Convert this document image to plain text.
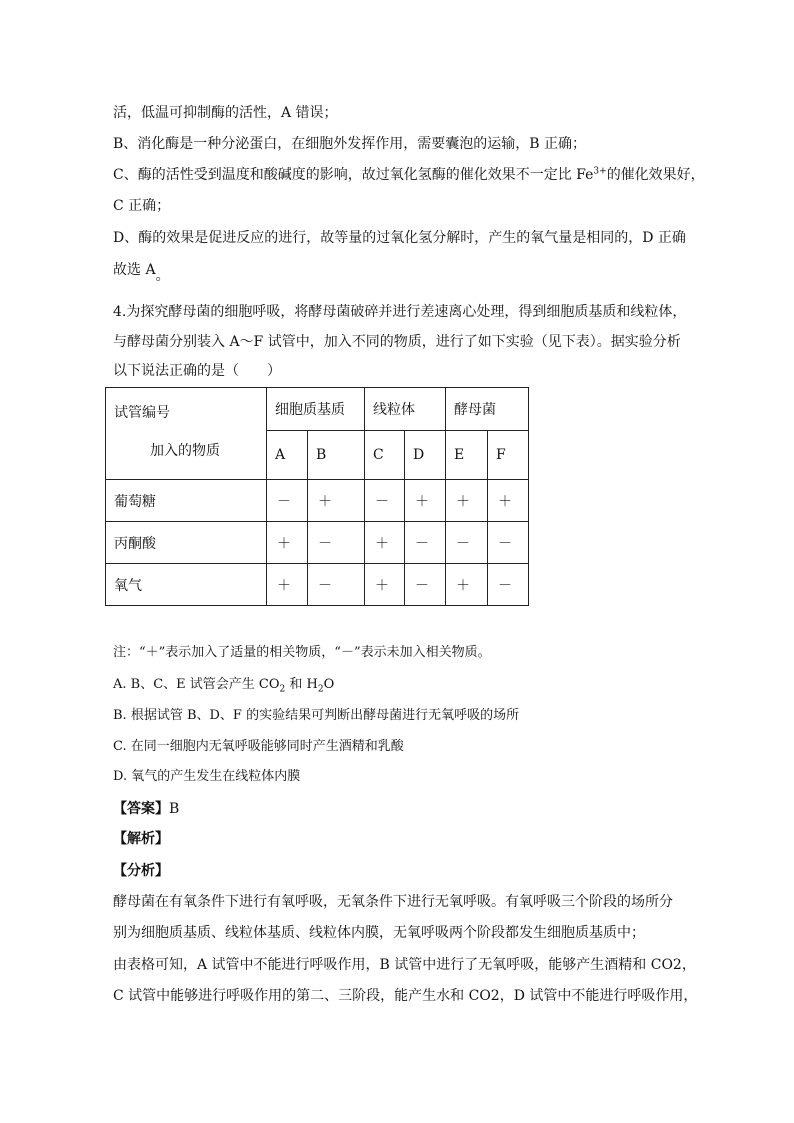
活，低温可抑制酶的活性，A 错误；
B、消化酶是一种分泌蛋白，在细胞外发挥作用，需要囊泡的运输，B 正确；
C、酶的活性受到温度和酸碱度的影响，故过氧化氢酶的催化效果不一定比 $Fe^{3+}$的催化效果好，
C 正确；
D、酶的效果是促进反应的进行，故等量的过氧化氢分解时，产生的氧气量是相同的，D 正确
故选 A。
4.为探究酵母菌的细胞呼吸，将酵母菌破碎并进行差速离心处理，得到细胞质基质和线粒体，
与酵母菌分别装入 A～F 试管中，加入不同的物质，进行了如下实验（见下表）。据实验分析
以下说法正确的是（　　）
试管编号
加入的物质	细胞质基质		线粒体		酵母菌	
	A	B	C	D	E	F
葡萄糖	－	＋	－	＋	＋	＋
丙酮酸	＋	－	＋	－	－	－
氧气	＋	－	＋	－	＋	－
注：“＋”表示加入了适量的相关物质，“－”表示未加入相关物质。
A. B、C、E 试管会产生 $CO_2$ 和 $H_2O$
B. 根据试管 B、D、F 的实验结果可判断出酵母菌进行无氧呼吸的场所
C. 在同一细胞内无氧呼吸能够同时产生酒精和乳酸
D. 氧气的产生发生在线粒体内膜
【答案】B
【解析】
【分析】
酵母菌在有氧条件下进行有氧呼吸，无氧条件下进行无氧呼吸。有氧呼吸三个阶段的场所分
别为细胞质基质、线粒体基质、线粒体内膜，无氧呼吸两个阶段都发生细胞质基质中；
由表格可知，A 试管中不能进行呼吸作用，B 试管中进行了无氧呼吸，能够产生酒精和 CO2，
C 试管中能够进行呼吸作用的第二、三阶段，能产生水和 CO2，D 试管中不能进行呼吸作用，
